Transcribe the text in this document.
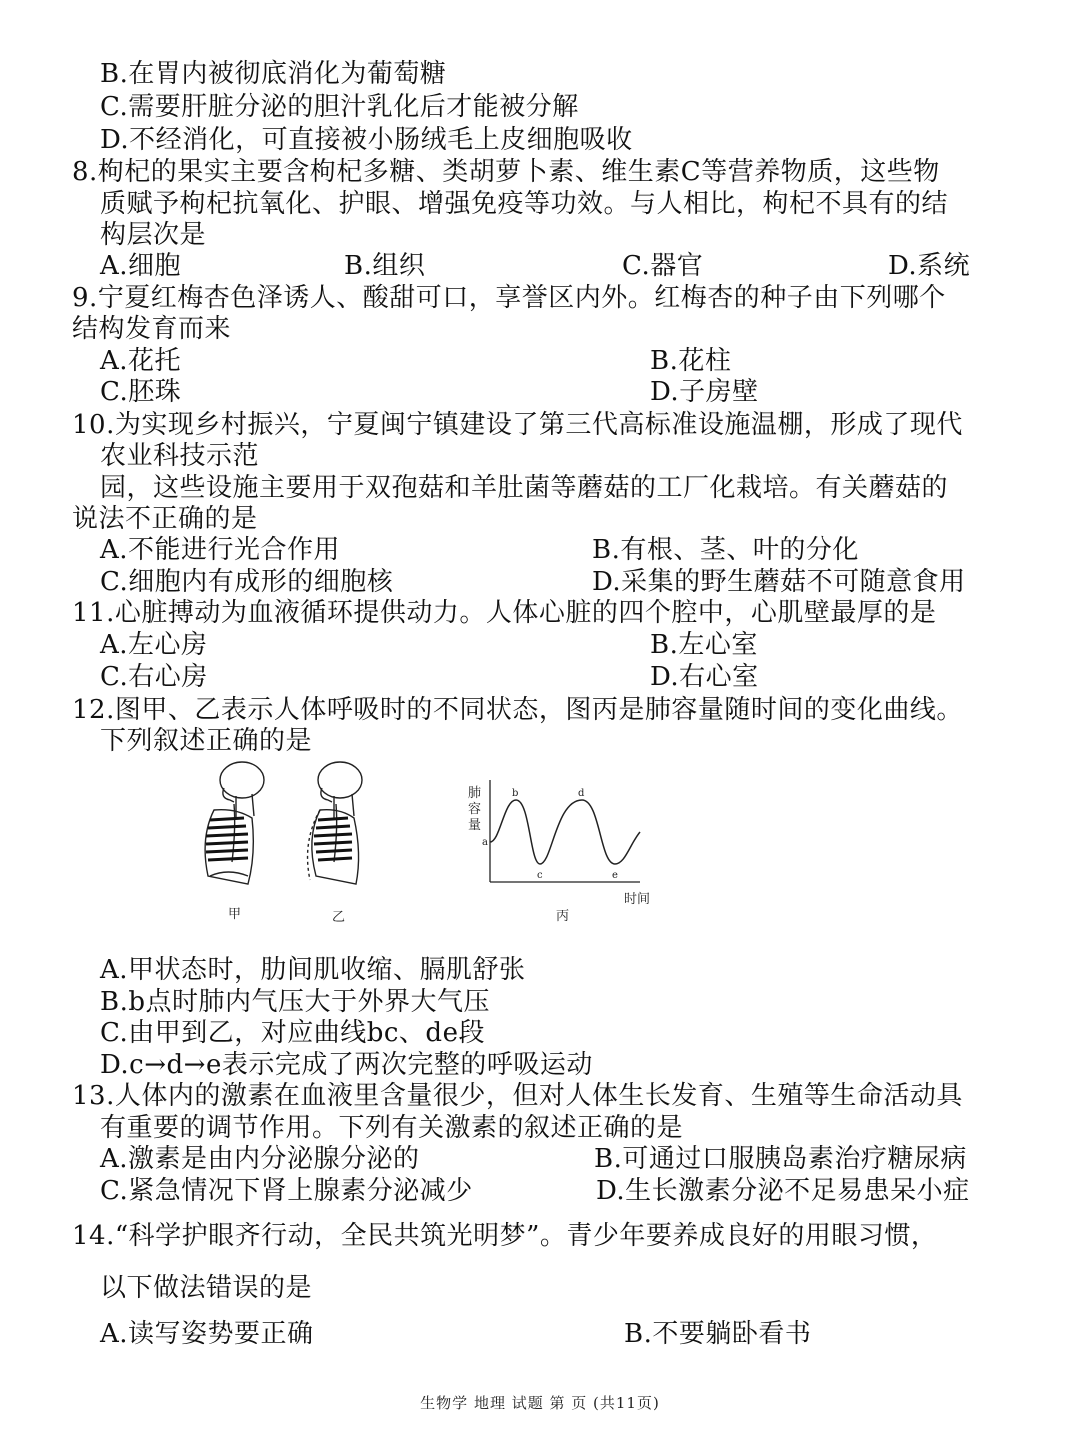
B.在胃内被彻底消化为葡萄糖
C.需要肝脏分泌的胆汁乳化后才能被分解
D.不经消化，可直接被小肠绒毛上皮细胞吸收
8.枸杞的果实主要含枸杞多糖、类胡萝卜素、维生素C等营养物质，这些物
质赋予枸杞抗氧化、护眼、增强免疫等功效。与人相比，枸杞不具有的结
构层次是
A.细胞	B.组织	C.器官	D.系统
9.宁夏红梅杏色泽诱人、酸甜可口，享誉区内外。红梅杏的种子由下列哪个
结构发育而来
A.花托	B.花柱
C.胚珠	D.子房壁
10.为实现乡村振兴，宁夏闽宁镇建设了第三代高标准设施温棚，形成了现代
农业科技示范
园，这些设施主要用于双孢菇和羊肚菌等蘑菇的工厂化栽培。有关蘑菇的
说法不正确的是
A.不能进行光合作用	B.有根、茎、叶的分化
C.细胞内有成形的细胞核	D.采集的野生蘑菇不可随意食用
11.心脏搏动为血液循环提供动力。人体心脏的四个腔中，心肌壁最厚的是
A.左心房	B.左心室
C.右心房	D.右心室
12.图甲、乙表示人体呼吸时的不同状态，图丙是肺容量随时间的变化曲线。
下列叙述正确的是
甲	乙
a
b
c
d
e
肺容量
时间
丙
A.甲状态时，肋间肌收缩、膈肌舒张
B.b点时肺内气压大于外界大气压
C.由甲到乙，对应曲线bc、de段
D.c→d→e表示完成了两次完整的呼吸运动
13.人体内的激素在血液里含量很少，但对人体生长发育、生殖等生命活动具
有重要的调节作用。下列有关激素的叙述正确的是
A.激素是由内分泌腺分泌的	B.可通过口服胰岛素治疗糖尿病
C.紧急情况下肾上腺素分泌减少	D.生长激素分泌不足易患呆小症
14.“科学护眼齐行动，全民共筑光明梦”。青少年要养成良好的用眼习惯，
以下做法错误的是
A.读写姿势要正确	B.不要躺卧看书
生物学 地理 试题 第 页 (共11页)
